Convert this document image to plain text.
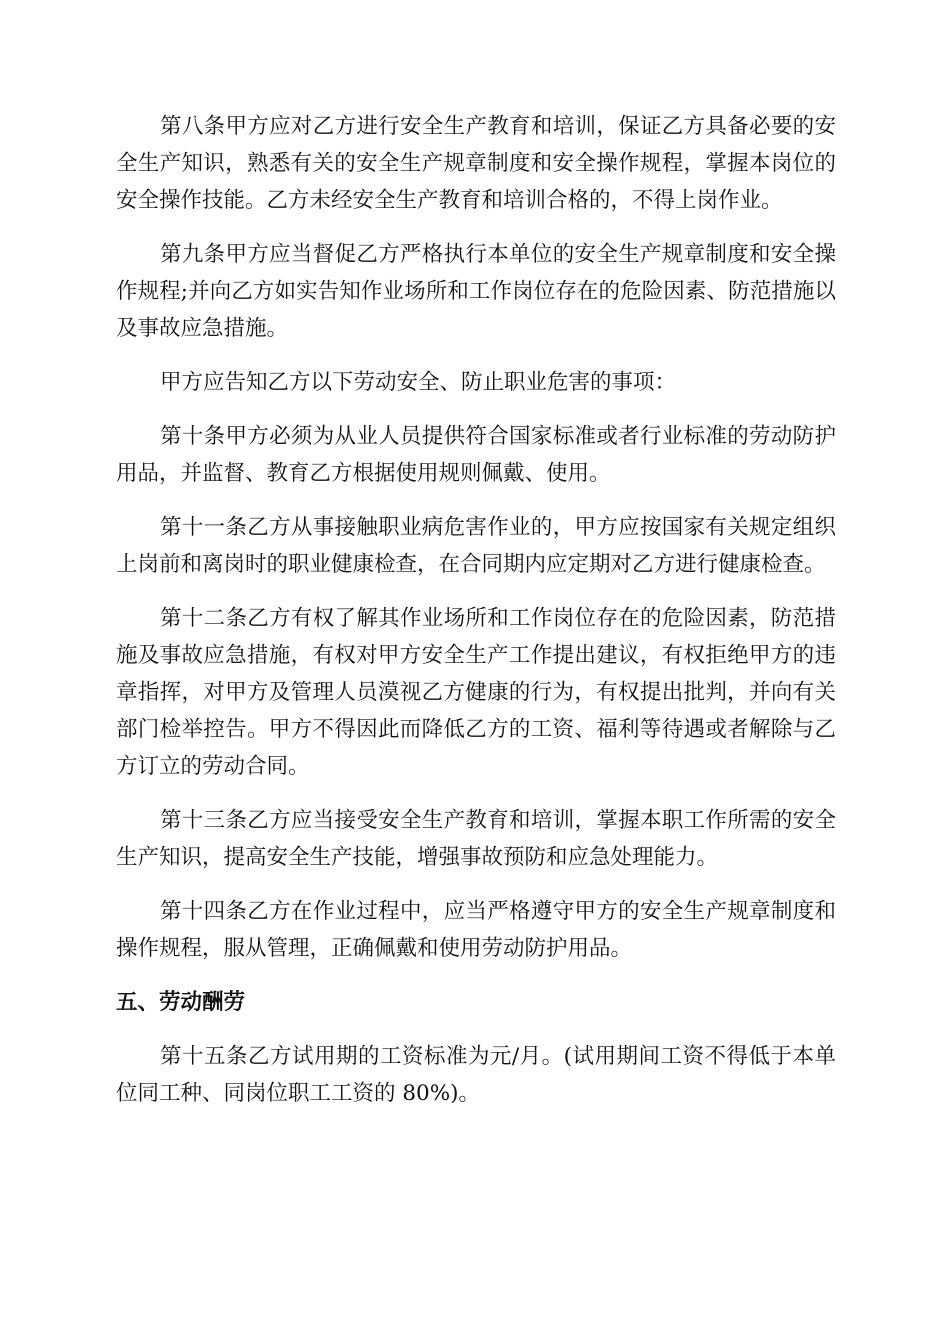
第八条甲方应对乙方进行安全生产教育和培训，保证乙方具备必要的安全生产知识，熟悉有关的安全生产规章制度和安全操作规程，掌握本岗位的安全操作技能。乙方未经安全生产教育和培训合格的，不得上岗作业。

第九条甲方应当督促乙方严格执行本单位的安全生产规章制度和安全操作规程;并向乙方如实告知作业场所和工作岗位存在的危险因素、防范措施以及事故应急措施。

甲方应告知乙方以下劳动安全、防止职业危害的事项：

第十条甲方必须为从业人员提供符合国家标准或者行业标准的劳动防护用品，并监督、教育乙方根据使用规则佩戴、使用。

第十一条乙方从事接触职业病危害作业的，甲方应按国家有关规定组织上岗前和离岗时的职业健康检查，在合同期内应定期对乙方进行健康检查。

第十二条乙方有权了解其作业场所和工作岗位存在的危险因素，防范措施及事故应急措施，有权对甲方安全生产工作提出建议，有权拒绝甲方的违章指挥，对甲方及管理人员漠视乙方健康的行为，有权提出批判，并向有关部门检举控告。甲方不得因此而降低乙方的工资、福利等待遇或者解除与乙方订立的劳动合同。

第十三条乙方应当接受安全生产教育和培训，掌握本职工作所需的安全生产知识，提高安全生产技能，增强事故预防和应急处理能力。

第十四条乙方在作业过程中，应当严格遵守甲方的安全生产规章制度和操作规程，服从管理，正确佩戴和使用劳动防护用品。

五、劳动酬劳

第十五条乙方试用期的工资标准为元/月。(试用期间工资不得低于本单位同工种、同岗位职工工资的 80%)。
